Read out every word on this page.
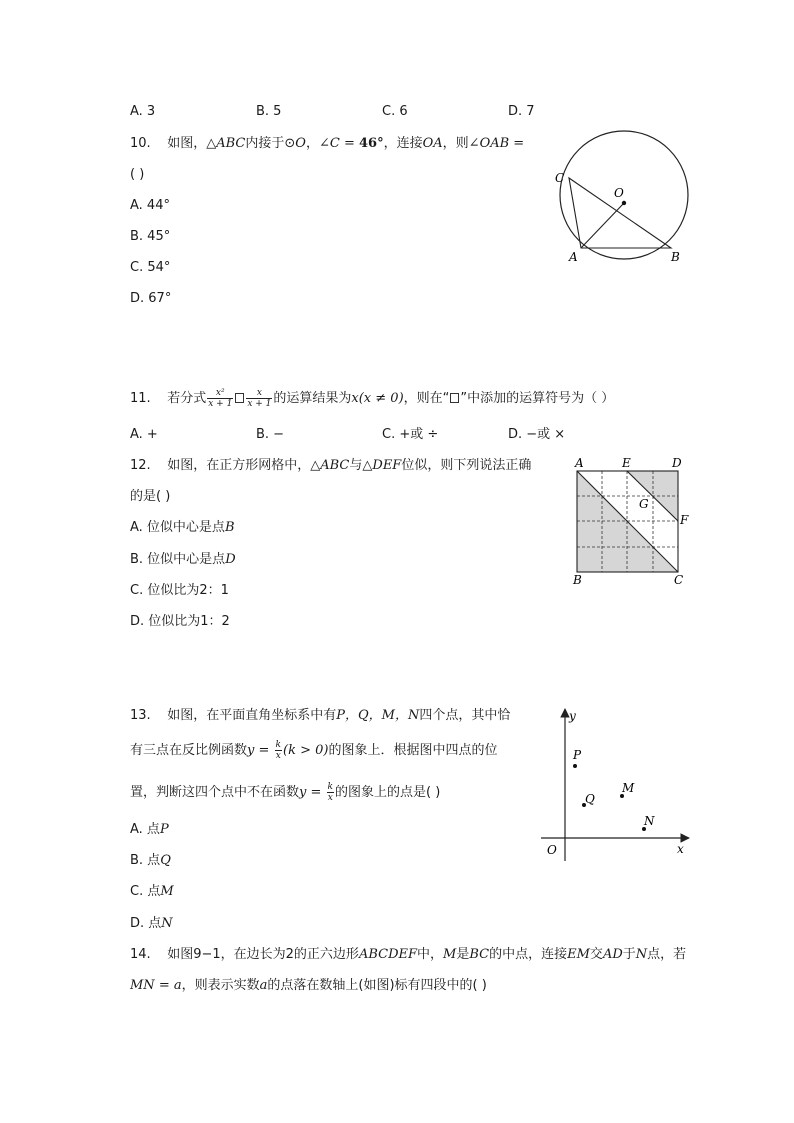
A. 3	B. 5	C. 6	D. 7
10. 如图，△ABC内接于⊙O，∠C = 46°，连接OA，则∠OAB =
( )
A. 44°
B. 45°
C. 54°
D. 67°
C
O
A	B
11. 若分式 $\frac{\text{x²}}{x + 1} \frac{x}{x + 1}$ 的运算结果为x(x ≠ 0)，则在“ ”中添加的运算符号为（ ）
A. +	B. −	C. +或 ÷	D. −或 ×
12. 如图，在正方形网格中，△ABC与△DEF位似，则下列说法正确
的是( )
A. 位似中心是点B
B. 位似中心是点D
C. 位似比为2：1
D. 位似比为1：2
A	E	D
G
F
B	C
13. 如图，在平面直角坐标系中有P，Q，M，N四个点，其中恰
有三点在反比例函数$y = \frac{k}{x} (k > 0)$的图象上．根据图中四点的位
置，判断这四个点中不在函数$y = \frac{k}{x}$ 的图象上的点是( )
A. 点P
B. 点Q
C. 点M
D. 点N
y
x
O
P
Q
M
N
14. 如图9−1，在边长为2的正六边形ABCDEF中，M是BC的中点，连接EM交AD于N点，若
MN = a，则表示实数a的点落在数轴上(如图)标有四段中的( )
